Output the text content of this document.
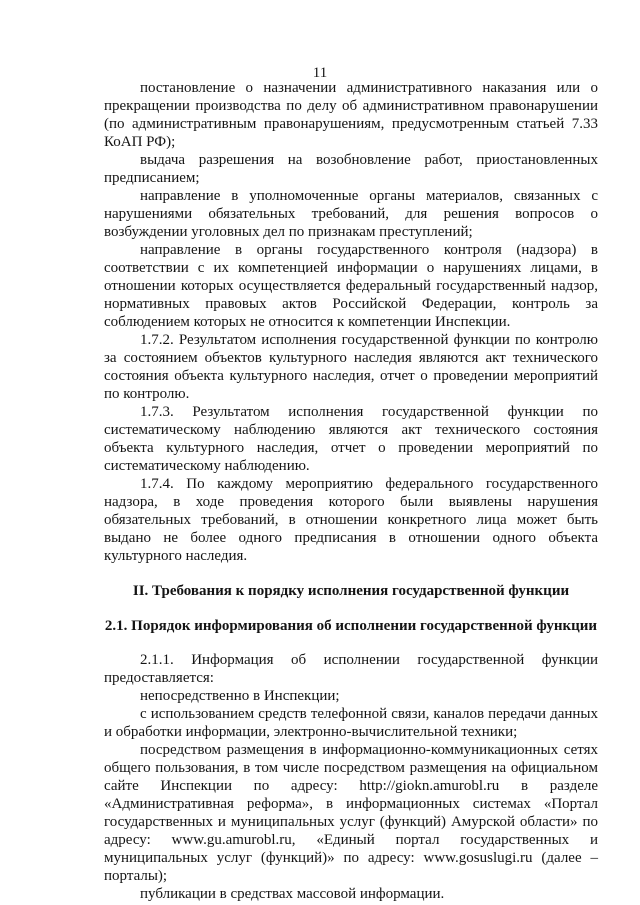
11

постановление о назначении административного наказания или о прекращении производства по делу об административном правонарушении (по административным правонарушениям, предусмотренным статьей 7.33 КоАП РФ);

выдача разрешения на возобновление работ, приостановленных предписанием;

направление в уполномоченные органы материалов, связанных с нарушениями обязательных требований, для решения вопросов о возбуждении уголовных дел по признакам преступлений;

направление в органы государственного контроля (надзора) в соответствии с их компетенцией информации о нарушениях лицами, в отношении которых осуществляется федеральный государственный надзор, нормативных правовых актов Российской Федерации, контроль за соблюдением которых не относится к компетенции Инспекции.

1.7.2. Результатом исполнения государственной функции по контролю за состоянием объектов культурного наследия являются акт технического состояния объекта культурного наследия, отчет о проведении мероприятий по контролю.

1.7.3. Результатом исполнения государственной функции по систематическому наблюдению являются акт технического состояния объекта культурного наследия, отчет о проведении мероприятий по систематическому наблюдению.

1.7.4. По каждому мероприятию федерального государственного надзора, в ходе проведения которого были выявлены нарушения обязательных требований, в отношении конкретного лица может быть выдано не более одного предписания в отношении одного объекта культурного наследия.

II. Требования к порядку исполнения государственной функции

2.1. Порядок информирования об исполнении государственной функции

2.1.1. Информация об исполнении государственной функции предоставляется:

непосредственно в Инспекции;

с использованием средств телефонной связи, каналов передачи данных и обработки информации, электронно-вычислительной техники;

посредством размещения в информационно-коммуникационных сетях общего пользования, в том числе посредством размещения на официальном сайте Инспекции по адресу: http://giokn.amurobl.ru в разделе «Административная реформа», в информационных системах «Портал государственных и муниципальных услуг (функций) Амурской области» по адресу: www.gu.amurobl.ru, «Единый портал государственных и муниципальных услуг (функций)» по адресу: www.gosuslugi.ru (далее – порталы);

публикации в средствах массовой информации.
